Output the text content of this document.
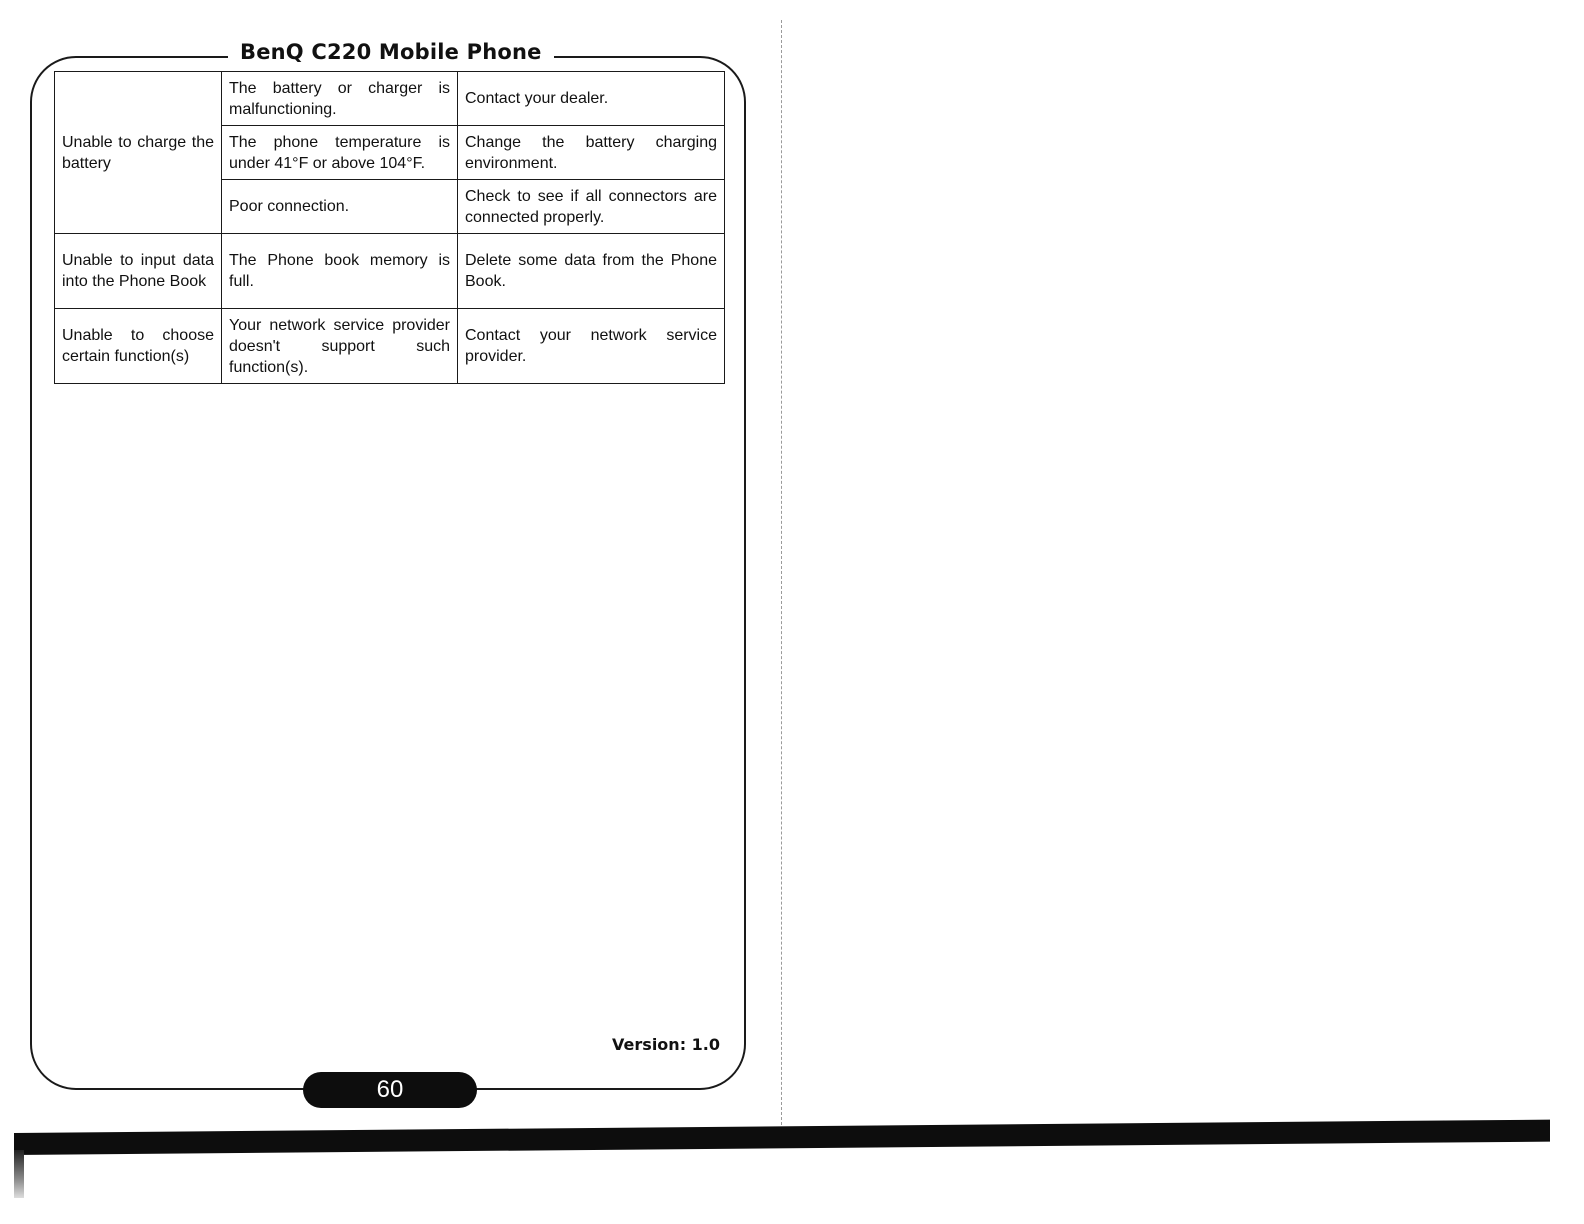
BenQ C220 Mobile Phone
Unable to charge the battery	The battery or charger is malfunctioning.	Contact your dealer.
	The phone temperature is under 41°F or above 104°F.	Change the battery charging environment.
	Poor connection.	Check to see if all connectors are connected properly.
Unable to input data into the Phone Book	The Phone book memory is full.	Delete some data from the Phone Book.
Unable to choose certain function(s)	Your network service provider doesn't support such function(s).	Contact your network service provider.
Version: 1.0
60
